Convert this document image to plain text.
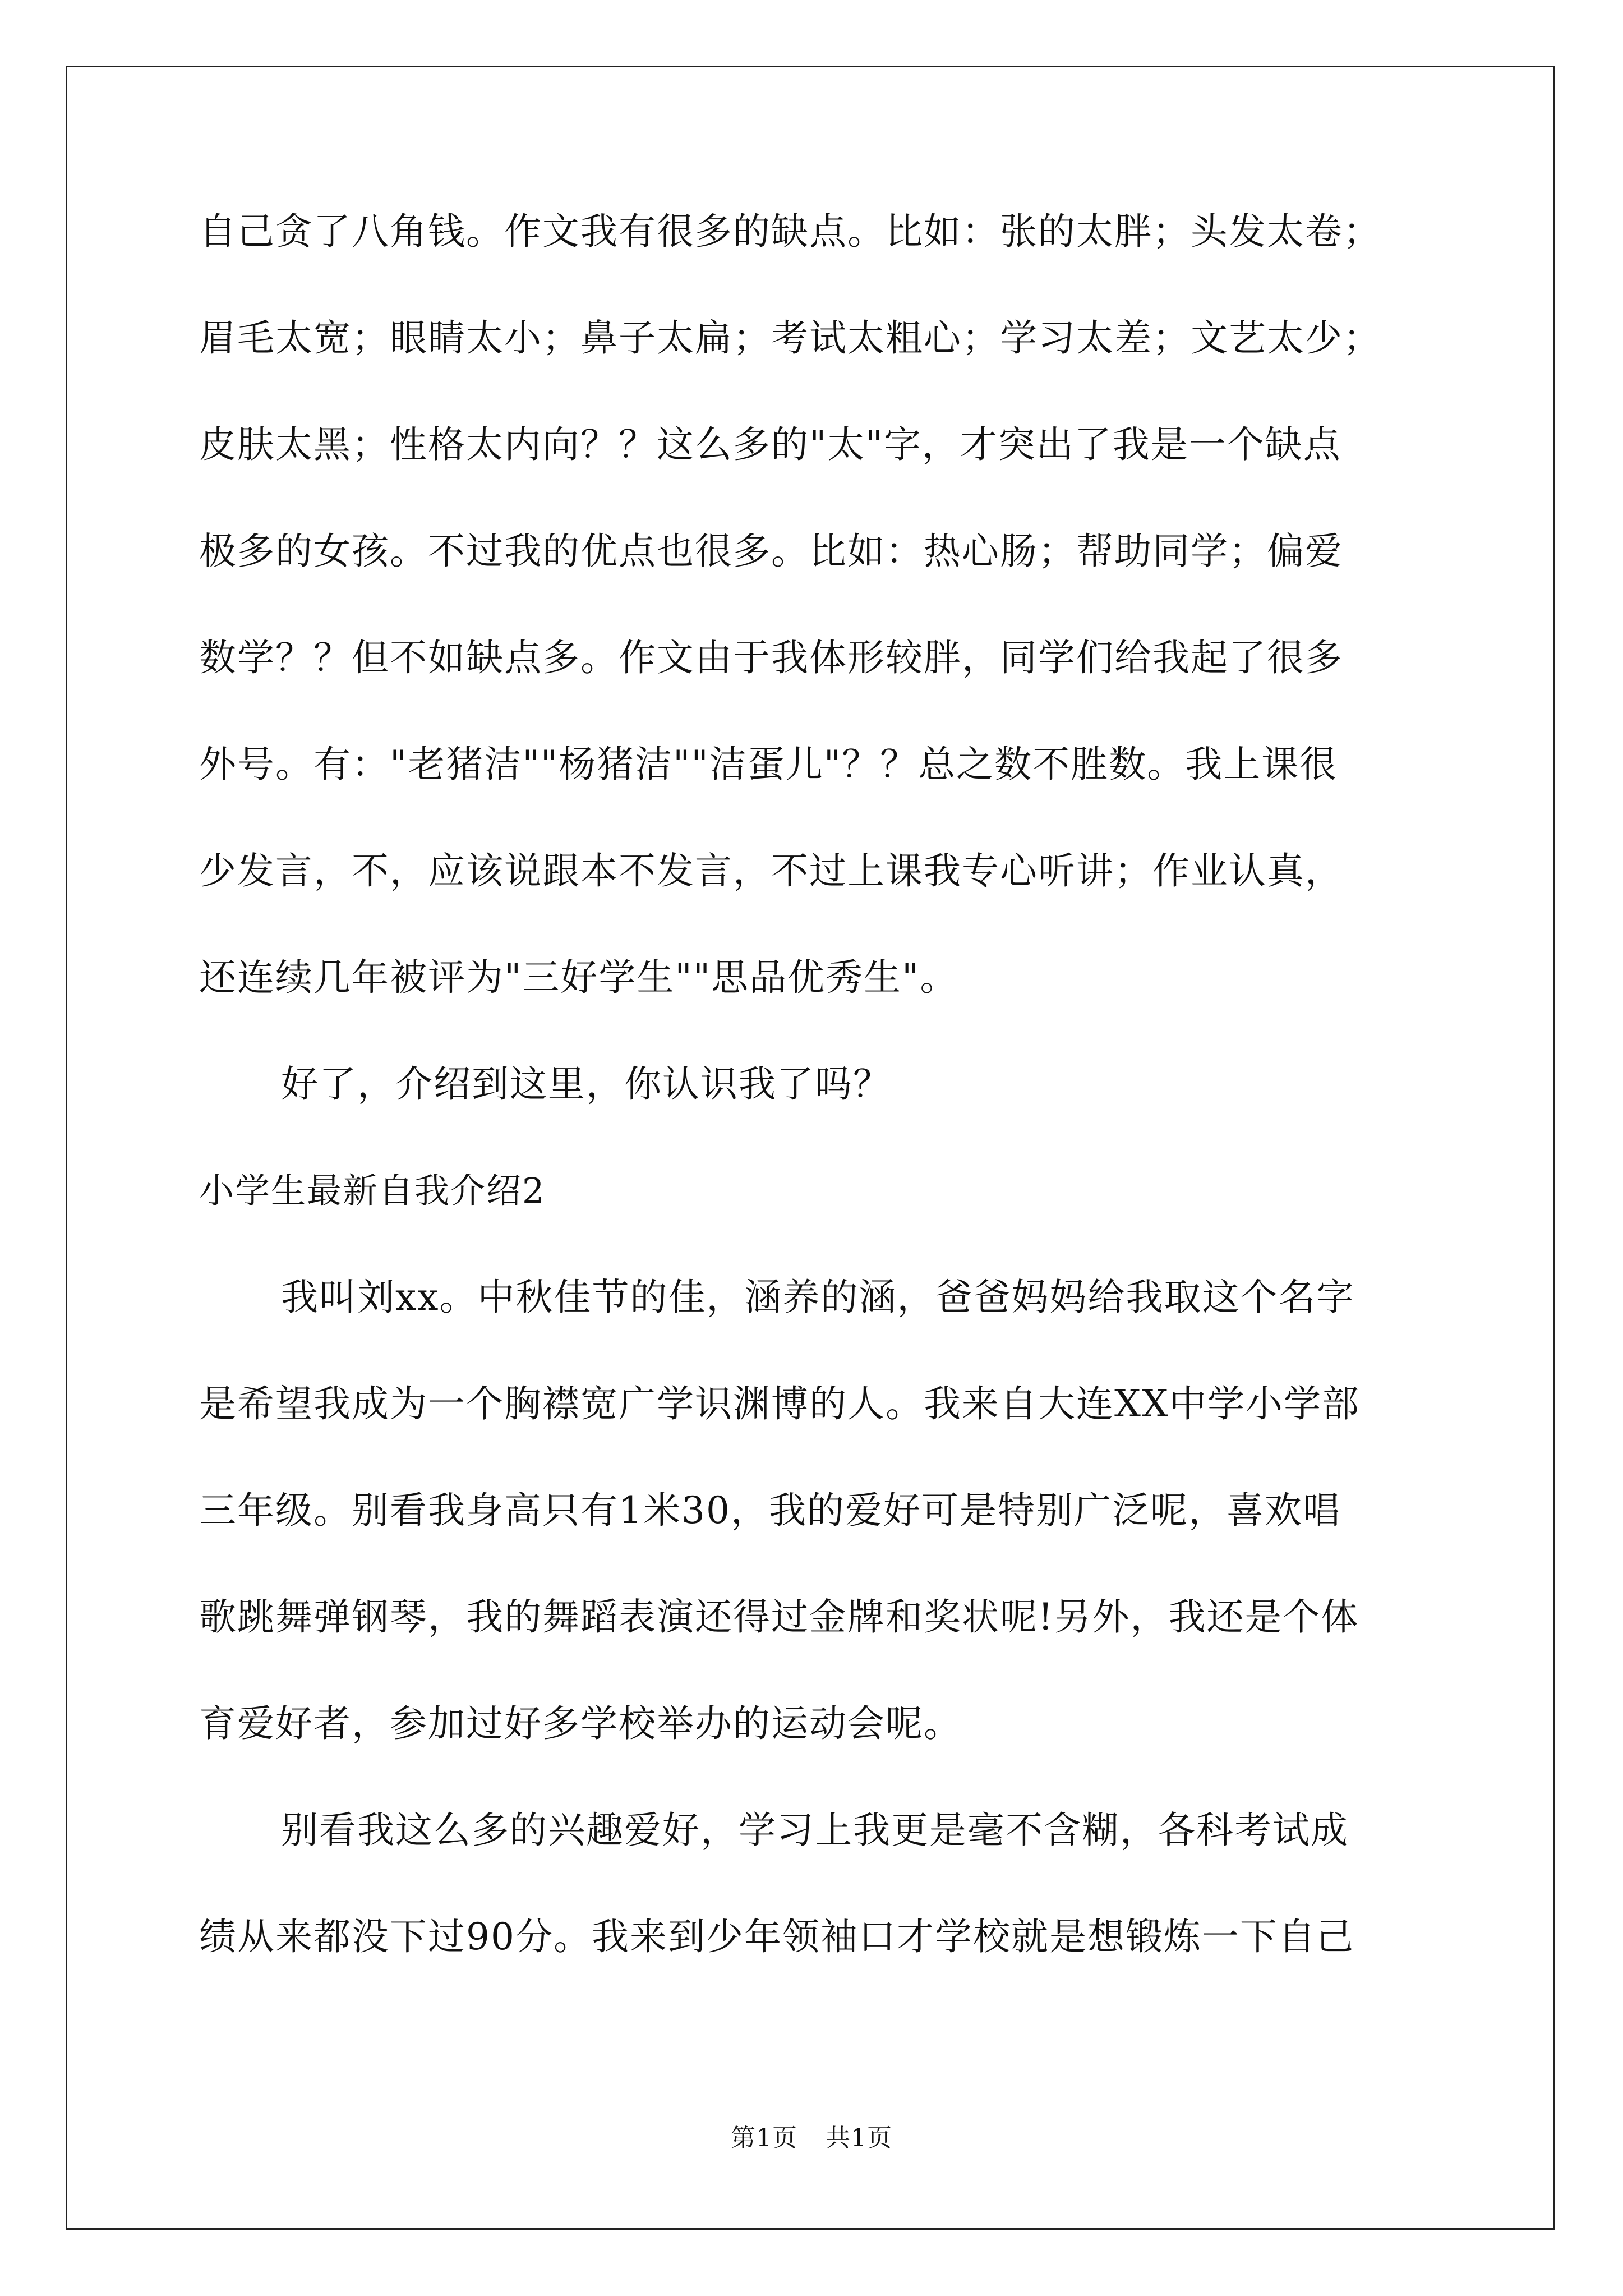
自己贪了八角钱。作文我有很多的缺点。比如：张的太胖；头发太卷；
眉毛太宽；眼睛太小；鼻子太扁；考试太粗心；学习太差；文艺太少；
皮肤太黑；性格太内向？？这么多的"太"字，才突出了我是一个缺点
极多的女孩。不过我的优点也很多。比如：热心肠；帮助同学；偏爱
数学？？但不如缺点多。作文由于我体形较胖，同学们给我起了很多
外号。有："老猪洁""杨猪洁""洁蛋儿"？？总之数不胜数。我上课很
少发言，不，应该说跟本不发言，不过上课我专心听讲；作业认真，
还连续几年被评为"三好学生""思品优秀生"。
好了，介绍到这里，你认识我了吗？
小学生最新自我介绍2
我叫刘xx。中秋佳节的佳，涵养的涵，爸爸妈妈给我取这个名字
是希望我成为一个胸襟宽广学识渊博的人。我来自大连XX中学小学部
三年级。别看我身高只有1米30，我的爱好可是特别广泛呢，喜欢唱
歌跳舞弹钢琴，我的舞蹈表演还得过金牌和奖状呢!另外，我还是个体
育爱好者，参加过好多学校举办的运动会呢。
别看我这么多的兴趣爱好，学习上我更是毫不含糊，各科考试成
绩从来都没下过90分。我来到少年领袖口才学校就是想锻炼一下自己
第1页 共1页
